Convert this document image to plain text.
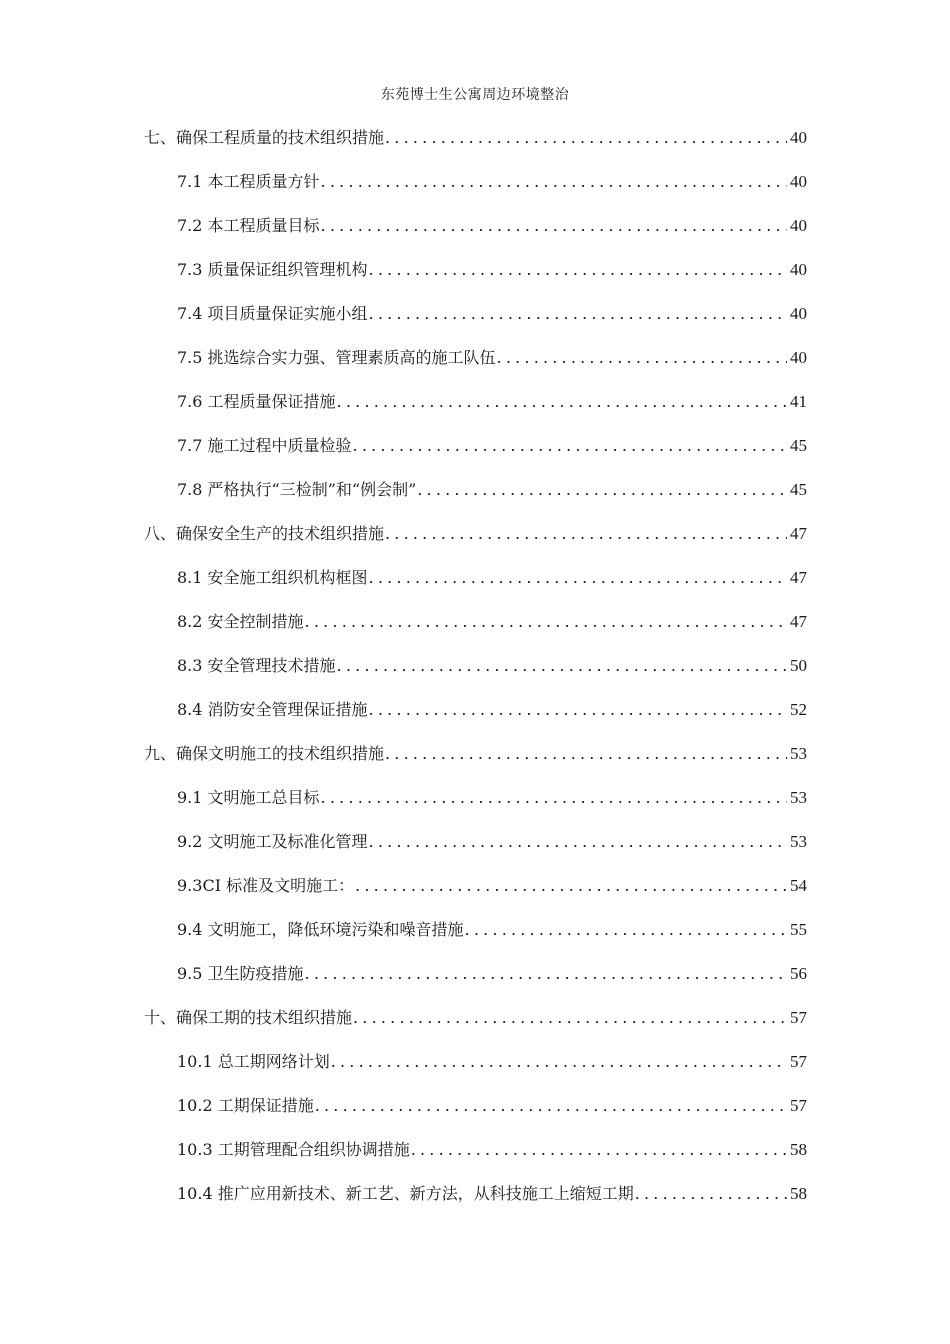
东苑博士生公寓周边环境整治
七、确保工程质量的技术组织措施 .....	40
7.1 本工程质量方针 .....	40
7.2 本工程质量目标 .....	40
7.3 质量保证组织管理机构 .....	40
7.4 项目质量保证实施小组 .....	40
7.5 挑选综合实力强、管理素质高的施工队伍 .....	40
7.6 工程质量保证措施 .....	41
7.7 施工过程中质量检验 .....	45
7.8 严格执行“三检制”和“例会制” .....	45
八、确保安全生产的技术组织措施 .....	47
8.1 安全施工组织机构框图 .....	47
8.2 安全控制措施 .....	47
8.3 安全管理技术措施 .....	50
8.4 消防安全管理保证措施 .....	52
九、确保文明施工的技术组织措施 .....	53
9.1 文明施工总目标 .....	53
9.2 文明施工及标准化管理 .....	53
9.3CI 标准及文明施工： .....	54
9.4 文明施工，降低环境污染和噪音措施 .....	55
9.5 卫生防疫措施 .....	56
十、确保工期的技术组织措施 .....	57
10.1 总工期网络计划 .....	57
10.2 工期保证措施 .....	57
10.3 工期管理配合组织协调措施 .....	58
10.4 推广应用新技术、新工艺、新方法，从科技施工上缩短工期 .....	58
